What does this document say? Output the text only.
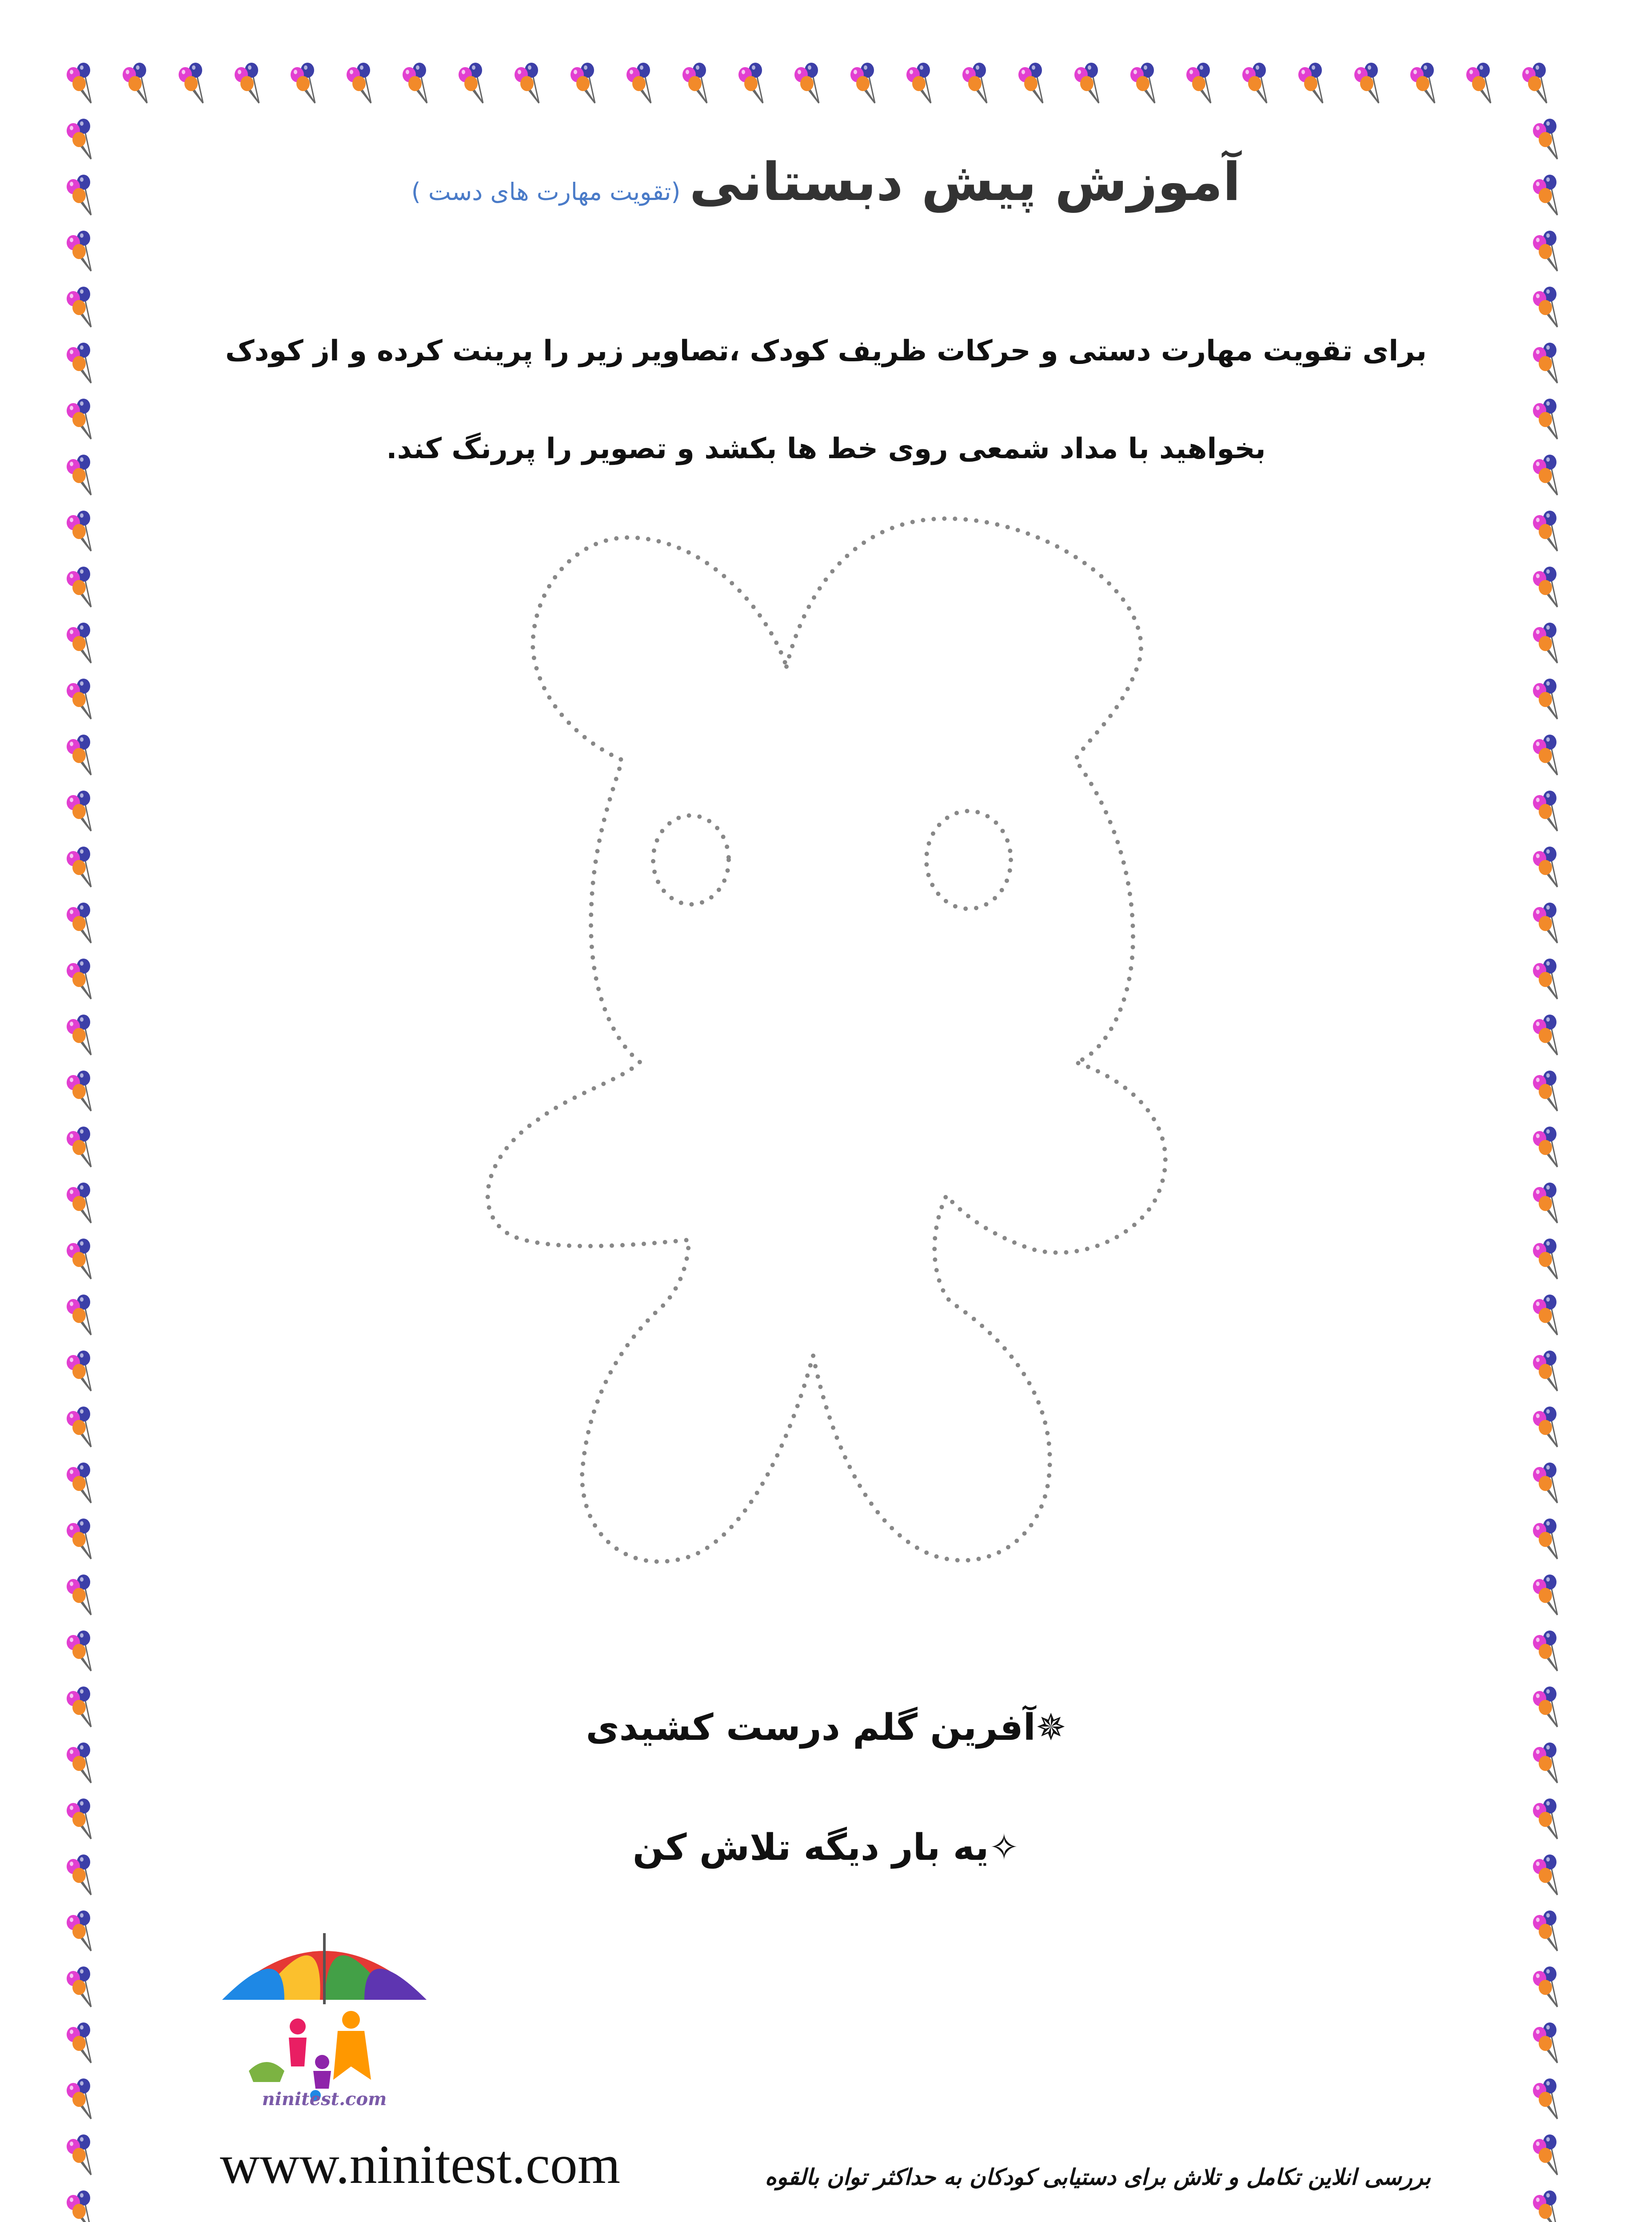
آموزش پیش دبستانی
(تقویت مهارت های دست )
برای تقویت مهارت دستی و حرکات ظریف کودک ،تصاویر زیر را پرینت کرده و از کودک
بخواهید با مداد شمعی روی خط ها بکشد و تصویر را پررنگ کند.
✵آفرین گلم درست کشیدی
✧یه بار دیگه تلاش کن
ninitest.com
www.ninitest.com	بررسی انلاین تکامل و تلاش برای دستیابی کودکان به حداکثر توان بالقوه
